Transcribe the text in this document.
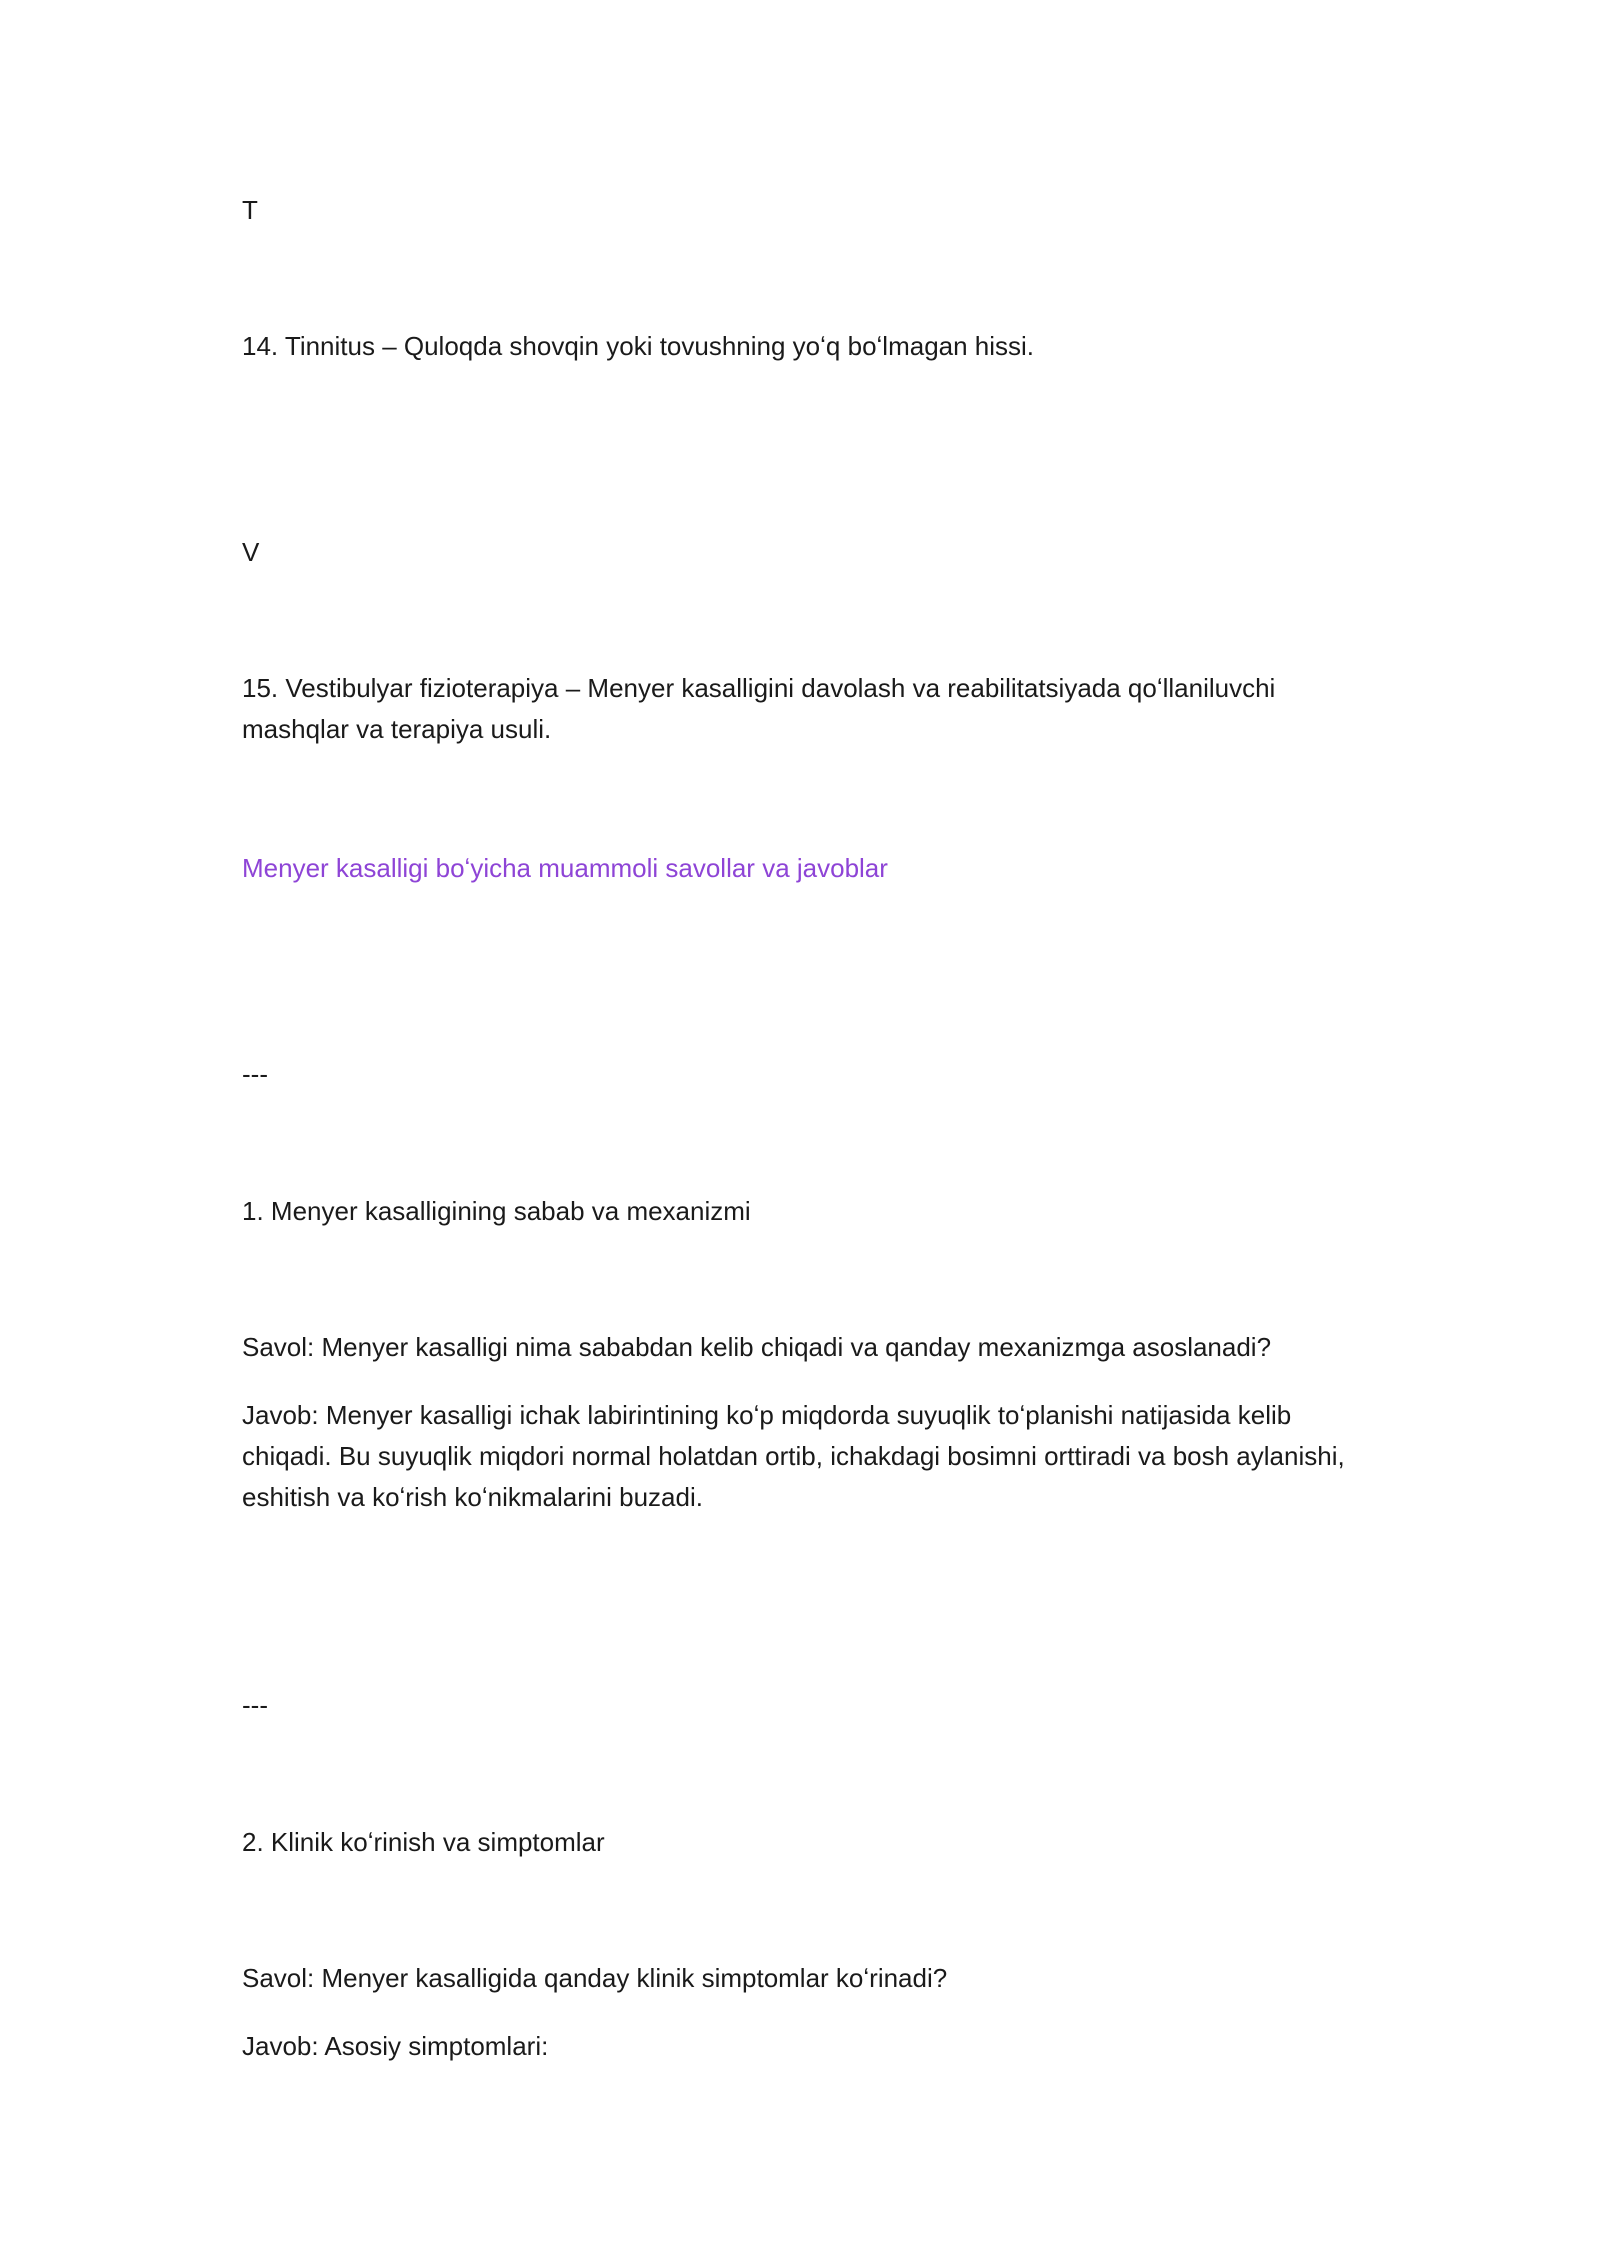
T

14. Tinnitus – Quloqda shovqin yoki tovushning yoʻq boʻlmagan hissi.

V

15. Vestibulyar fizioterapiya – Menyer kasalligini davolash va reabilitatsiyada qoʻllaniluvchi mashqlar va terapiya usuli.

Menyer kasalligi boʻyicha muammoli savollar va javoblar

---

1. Menyer kasalligining sabab va mexanizmi

Savol: Menyer kasalligi nima sababdan kelib chiqadi va qanday mexanizmga asoslanadi?

Javob: Menyer kasalligi ichak labirintining koʻp miqdorda suyuqlik toʻplanishi natijasida kelib chiqadi. Bu suyuqlik miqdori normal holatdan ortib, ichakdagi bosimni orttiradi va bosh aylanishi, eshitish va koʻrish koʻnikmalarini buzadi.

---

2. Klinik koʻrinish va simptomlar

Savol: Menyer kasalligida qanday klinik simptomlar koʻrinadi?

Javob: Asosiy simptomlari:
